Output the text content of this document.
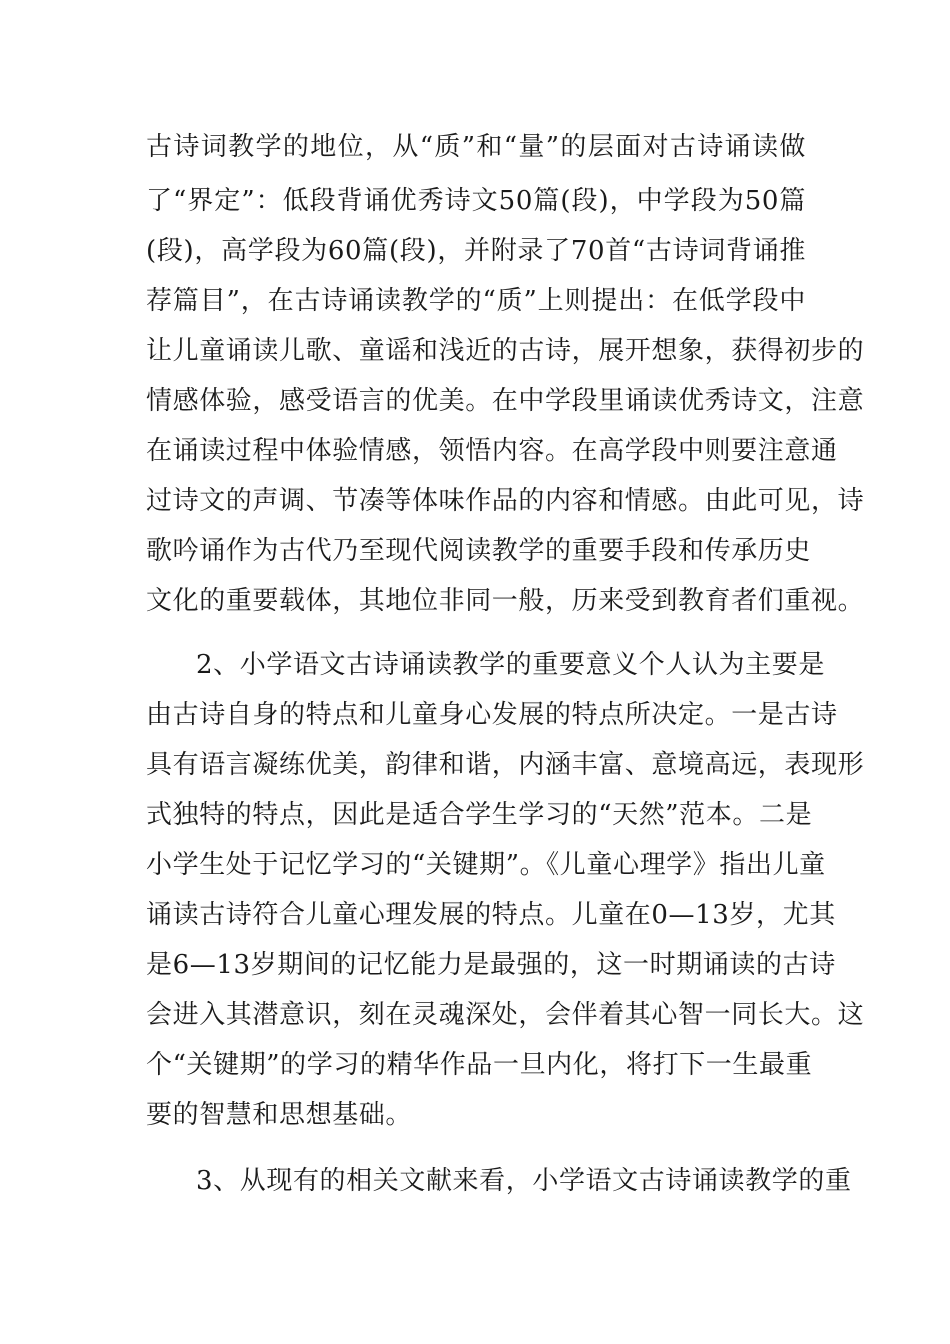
古诗词教学的地位，从“质”和“量”的层面对古诗诵读做
了“界定”：低段背诵优秀诗文50篇(段)，中学段为50篇
(段)，高学段为60篇(段)，并附录了70首“古诗词背诵推
荐篇目”，在古诗诵读教学的“质”上则提出：在低学段中
让儿童诵读儿歌、童谣和浅近的古诗，展开想象，获得初步的
情感体验，感受语言的优美。在中学段里诵读优秀诗文，注意
在诵读过程中体验情感，领悟内容。在高学段中则要注意通
过诗文的声调、节凑等体味作品的内容和情感。由此可见，诗
歌吟诵作为古代乃至现代阅读教学的重要手段和传承历史
文化的重要载体，其地位非同一般，历来受到教育者们重视。
2、小学语文古诗诵读教学的重要意义个人认为主要是
由古诗自身的特点和儿童身心发展的特点所决定。一是古诗
具有语言凝练优美，韵律和谐，内涵丰富、意境高远，表现形
式独特的特点，因此是适合学生学习的“天然”范本。二是
小学生处于记忆学习的“关键期”。《儿童心理学》指出儿童
诵读古诗符合儿童心理发展的特点。儿童在0—13岁，尤其
是6—13岁期间的记忆能力是最强的，这一时期诵读的古诗
会进入其潜意识，刻在灵魂深处，会伴着其心智一同长大。这
个“关键期”的学习的精华作品一旦内化，将打下一生最重
要的智慧和思想基础。
3、从现有的相关文献来看，小学语文古诗诵读教学的重
